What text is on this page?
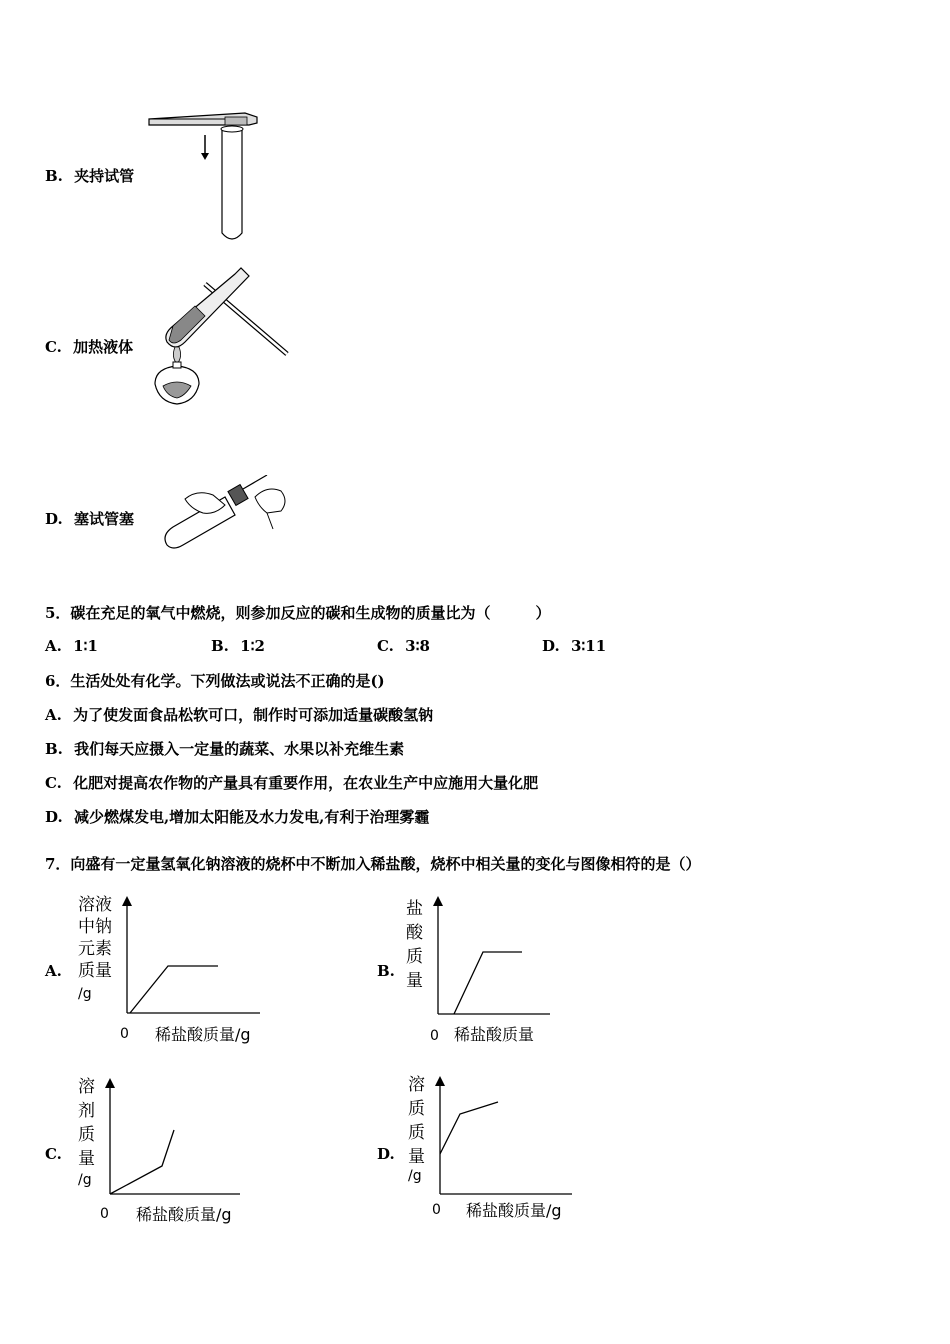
B. 夹持试管
C. 加热液体
D. 塞试管塞
5．碳在充足的氧气中燃烧，则参加反应的碳和生成物的质量比为（　　　）
A. 1∶1	B. 1∶2	C. 3∶8	D. 3∶11
6．生活处处有化学。下列做法或说法不正确的是()
A. 为了使发面食品松软可口，制作时可添加适量碳酸氢钠
B. 我们每天应摄入一定量的蔬菜、水果以补充维生素
C. 化肥对提高农作物的产量具有重要作用，在农业生产中应施用大量化肥
D. 减少燃煤发电,增加太阳能及水力发电,有利于治理雾霾
7．向盛有一定量氢氧化钠溶液的烧杯中不断加入稀盐酸，烧杯中相关量的变化与图像相符的是（）
A.
溶液
中钠
元素
质量
/g
0 稀盐酸质量/g
B.
盐
酸
质
量
0 稀盐酸质量
C.
溶
剂
质
量
/g
0 稀盐酸质量/g
D.
溶
质
质
量
/g
0 稀盐酸质量/g
